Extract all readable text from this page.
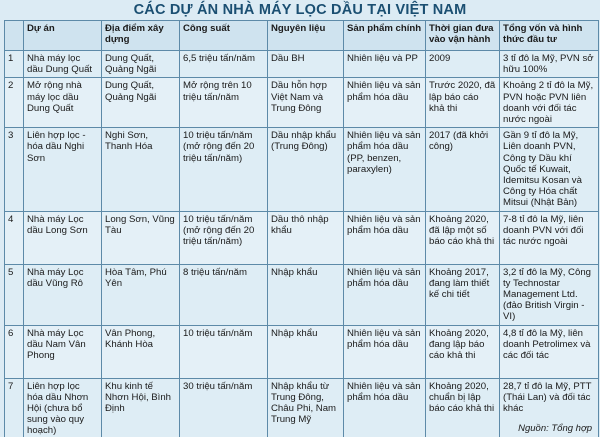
CÁC DỰ ÁN NHÀ MÁY LỌC DẦU TẠI VIỆT NAM
	Dự án	Địa điểm xây dựng	Công suất	Nguyên liệu	Sản phẩm chính	Thời gian đưa vào vận hành	Tổng vốn và hình thức đầu tư
1	Nhà máy lọc dầu Dung Quất	Dung Quất, Quảng Ngãi	6,5 triệu tấn/năm	Dầu BH	Nhiên liệu và PP	2009	3 tỉ đô la Mỹ, PVN sở hữu 100%
2	Mở rộng nhà máy lọc dầu Dung Quất	Dung Quất, Quảng Ngãi	Mở rộng trên 10 triệu tấn/năm	Dầu hỗn hợp Việt Nam và Trung Đông	Nhiên liệu và sản phẩm hóa dầu	Trước 2020, đã lập báo cáo khả thi	Khoảng 2 tỉ đô la Mỹ, PVN hoặc PVN liên doanh với đối tác nước ngoài
3	Liên hợp lọc - hóa dầu Nghi Sơn	Nghi Sơn, Thanh Hóa	10 triệu tấn/năm (mở rộng đến 20 triệu tấn/năm)	Dầu nhập khẩu (Trung Đông)	Nhiên liệu và sản phẩm hóa dầu (PP, benzen, paraxylen)	2017 (đã khởi công)	Gần 9 tỉ đô la Mỹ, Liên doanh PVN, Công ty Dầu khí Quốc tế Kuwait, Idemitsu Kosan và Công ty Hóa chất Mitsui (Nhật Bản)
4	Nhà máy Lọc dầu Long Sơn	Long Sơn, Vũng Tàu	10 triệu tấn/năm (mở rộng đến 20 triệu tấn/năm)	Dầu thô nhập khẩu	Nhiên liệu và sản phẩm hóa dầu	Khoảng 2020, đã lập một số báo cáo khả thi	7-8 tỉ đô la Mỹ, liên doanh PVN với đối tác nước ngoài
5	Nhà máy Lọc dầu Vũng Rô	Hòa Tâm, Phú Yên	8 triệu tấn/năm	Nhập khẩu	Nhiên liệu và sản phẩm hóa dầu	Khoảng 2017, đang làm thiết kế chi tiết	3,2 tỉ đô la Mỹ, Công ty Technostar Management Ltd. (đảo British Virgin - VI)
6	Nhà máy Lọc dầu Nam Vân Phong	Vân Phong, Khánh Hòa	10 triệu tấn/năm	Nhập khẩu	Nhiên liệu và sản phẩm hóa dầu	Khoảng 2020, đang lập báo cáo khả thi	4,8 tỉ đô la Mỹ, liên doanh Petrolimex và các đối tác
7	Liên hợp lọc hóa dầu Nhơn Hội (chưa bổ sung vào quy hoạch)	Khu kinh tế Nhơn Hội, Bình Định	30 triệu tấn/năm	Nhập khẩu từ Trung Đông, Châu Phi, Nam Trung Mỹ	Nhiên liệu và sản phẩm hóa dầu	Khoảng 2020, chuẩn bị lập báo cáo khả thi	28,7 tỉ đô la Mỹ, PTT (Thái Lan) và đối tác khác
Nguồn: Tổng hợp
